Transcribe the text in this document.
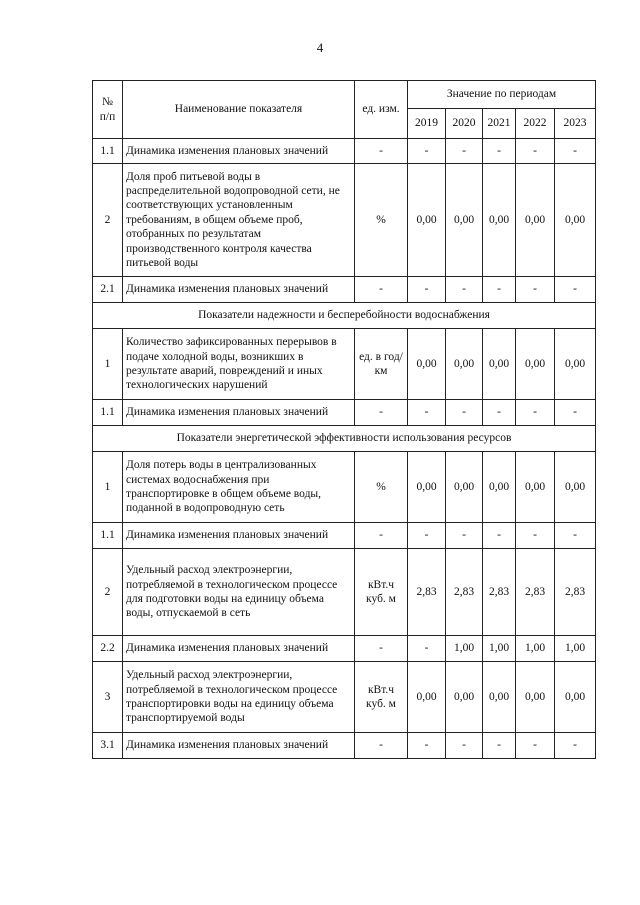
4
№
п/п	Наименование показателя	ед. изм.	Значение по периодам				
			2019	2020	2021	2022	2023
1.1	Динамика изменения плановых значений	-	-	-	-	-	-
2	Доля проб питьевой воды в распределительной водопроводной сети, не соответствующих установленным требованиям, в общем объеме проб, отобранных по результатам производственного контроля качества питьевой воды	%	0,00	0,00	0,00	0,00	0,00
2.1	Динамика изменения плановых значений	-	-	-	-	-	-
Показатели надежности и бесперебойности водоснабжения							
1	Количество зафиксированных перерывов в подаче холодной воды, возникших в результате аварий, повреждений и иных технологических нарушений	ед. в год/км	0,00	0,00	0,00	0,00	0,00
1.1	Динамика изменения плановых значений	-	-	-	-	-	-
Показатели энергетической эффективности использования ресурсов							
1	Доля потерь воды в централизованных системах водоснабжения при транспортировке в общем объеме воды, поданной в водопроводную сеть	%	0,00	0,00	0,00	0,00	0,00
1.1	Динамика изменения плановых значений	-	-	-	-	-	-
2	Удельный расход электроэнергии, потребляемой в технологическом процессе для подготовки воды на единицу объема воды, отпускаемой в сеть	кВт.ч куб. м	2,83	2,83	2,83	2,83	2,83
2.2	Динамика изменения плановых значений	-	-	1,00	1,00	1,00	1,00
3	Удельный расход электроэнергии, потребляемой в технологическом процессе транспортировки воды на единицу объема транспортируемой воды	кВт.ч куб. м	0,00	0,00	0,00	0,00	0,00
3.1	Динамика изменения плановых значений	-	-	-	-	-	-
